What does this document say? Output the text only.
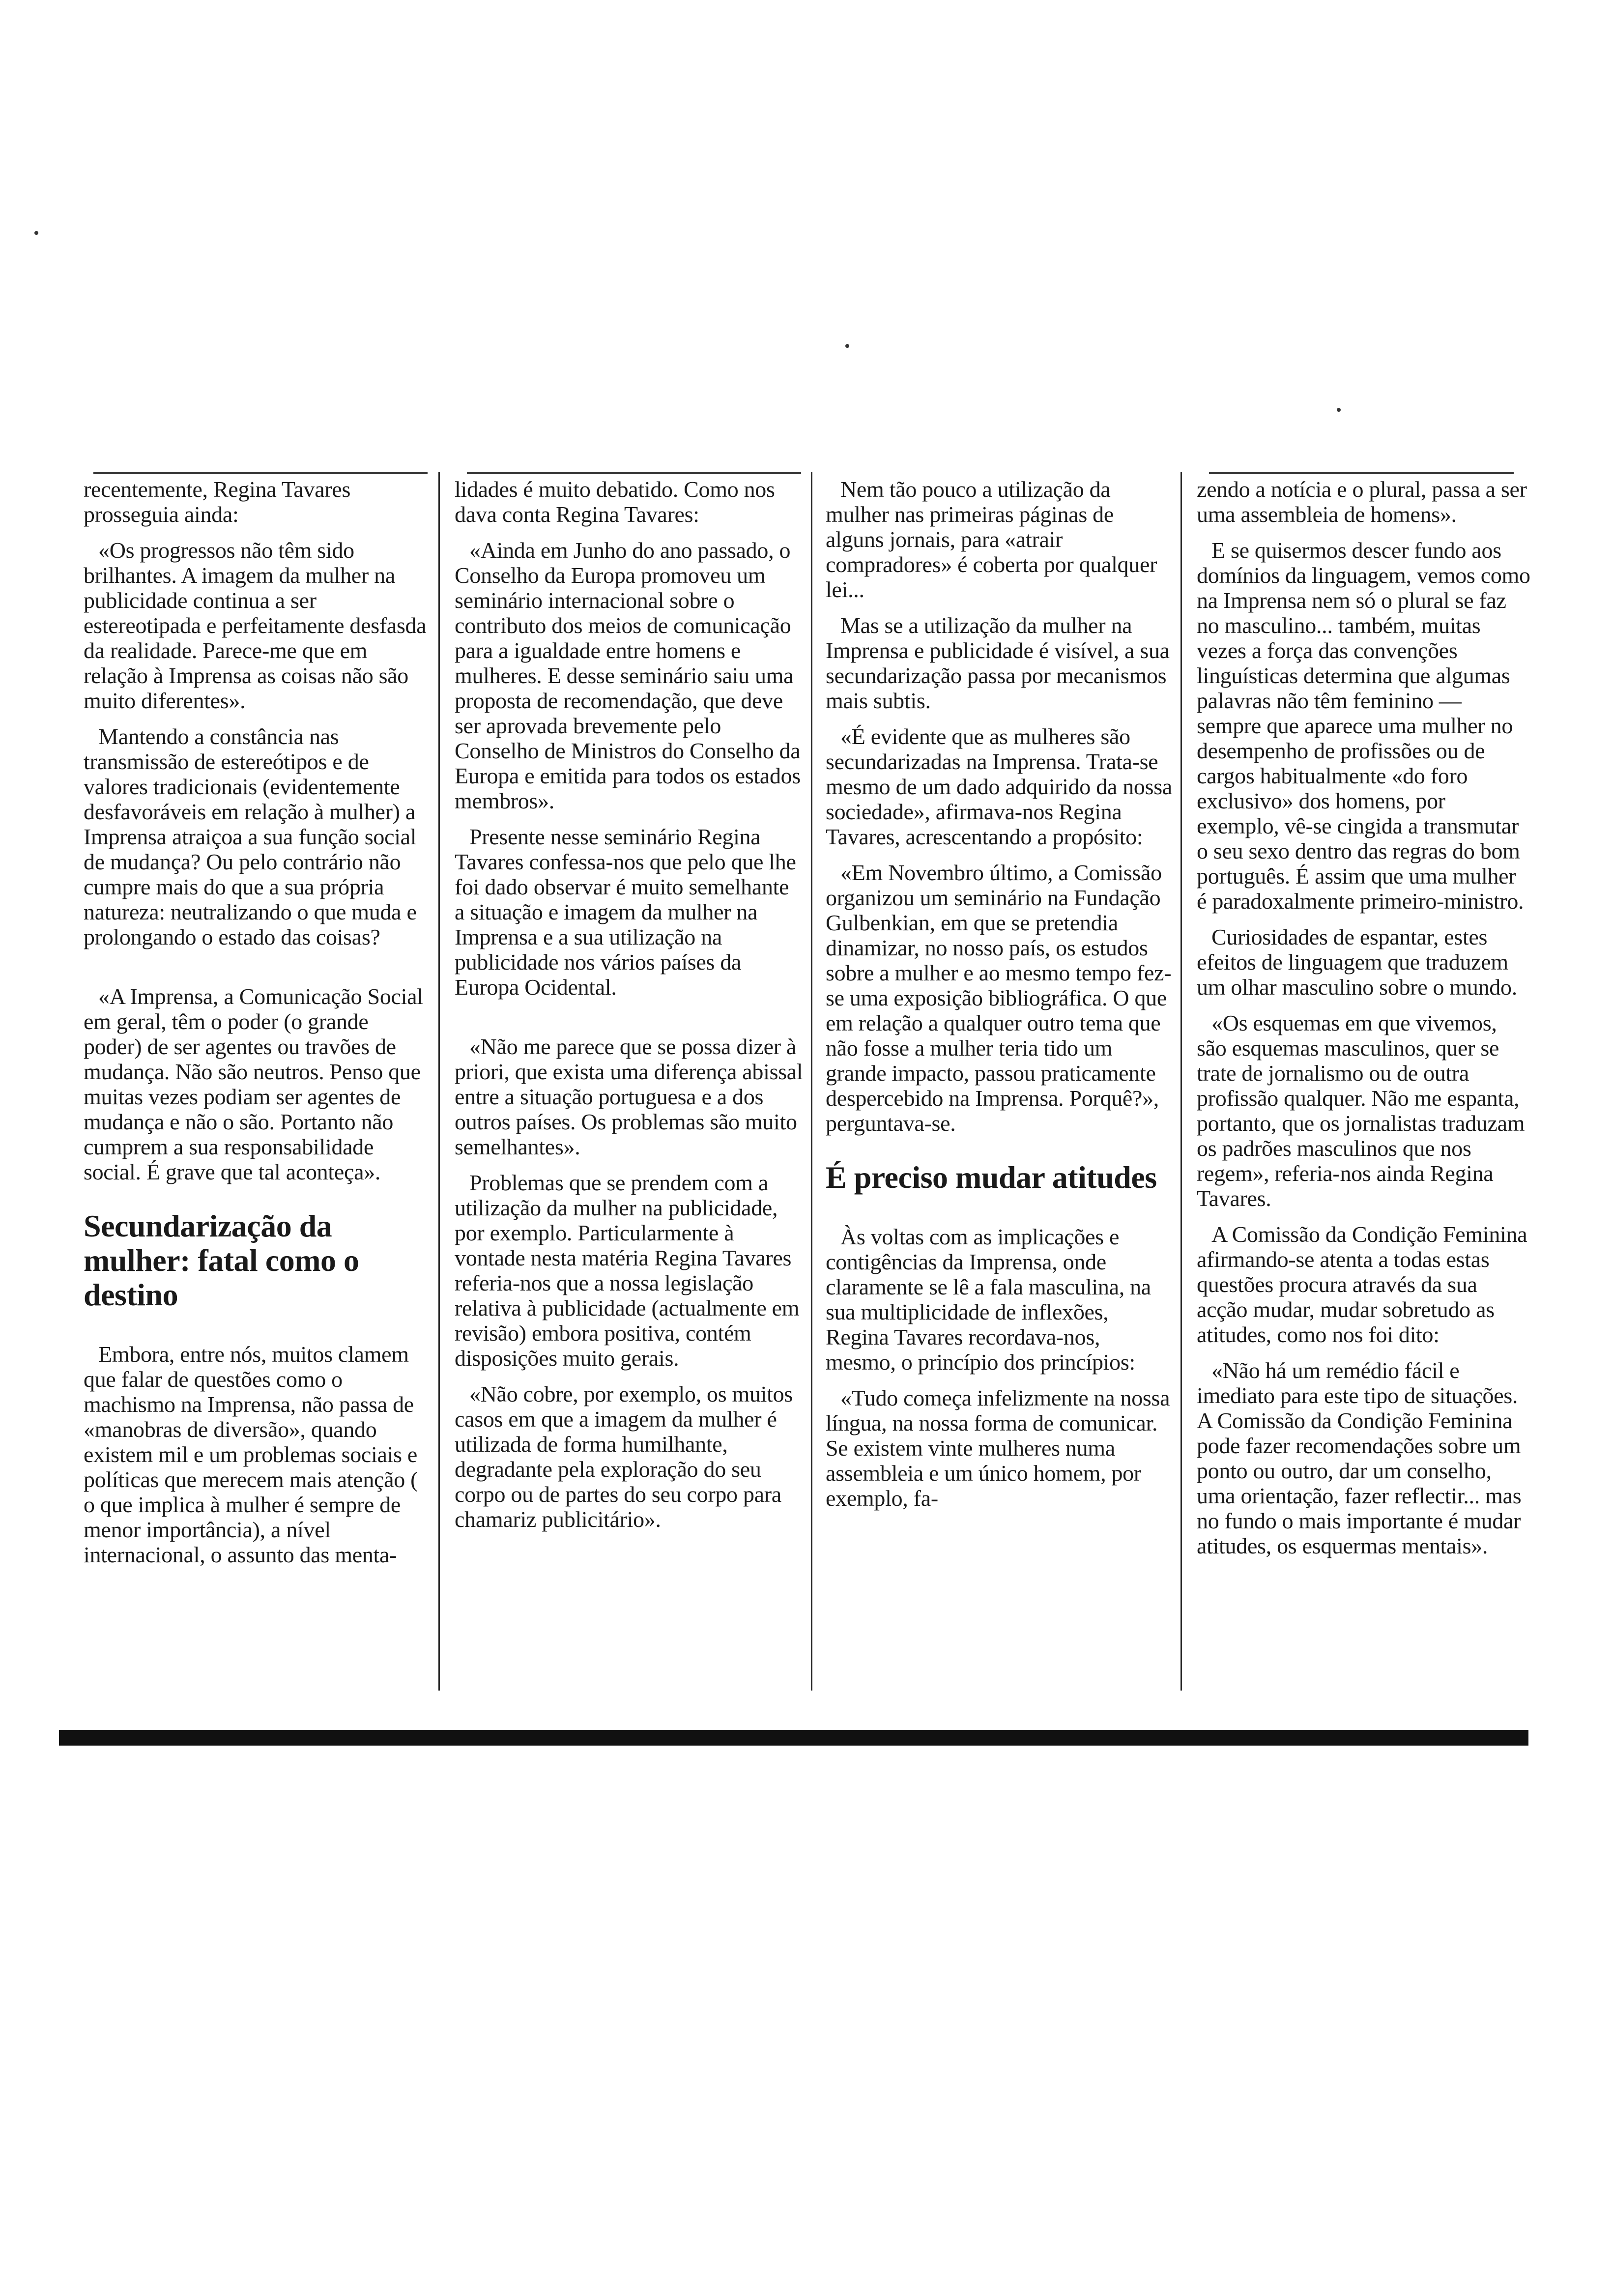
recentemente, Regina Tavares prosseguia ainda:

«Os progressos não têm sido brilhantes. A imagem da mulher na publicidade continua a ser estereotipada e perfeitamente desfasda da realidade. Parece-me que em relação à Imprensa as coisas não são muito diferentes».

Mantendo a constância nas transmissão de estereótipos e de valores tradicionais (evidentemente desfavoráveis em relação à mulher) a Imprensa atraiçoa a sua função social de mudança? Ou pelo contrário não cumpre mais do que a sua própria natureza: neutralizando o que muda e prolongando o estado das coisas?

«A Imprensa, a Comunicação Social em geral, têm o poder (o grande poder) de ser agentes ou travões de mudança. Não são neutros. Penso que muitas vezes podiam ser agentes de mudança e não o são. Portanto não cumprem a sua responsabilidade social. É grave que tal aconteça».

Secundarização da mulher: fatal como o destino

Embora, entre nós, muitos clamem que falar de questões como o machismo na Imprensa, não passa de «manobras de diversão», quando existem mil e um problemas sociais e políticas que merecem mais atenção ( o que implica à mulher é sempre de menor importância), a nível internacional, o assunto das menta-

lidades é muito debatido. Como nos dava conta Regina Tavares:

«Ainda em Junho do ano passado, o Conselho da Europa promoveu um seminário internacional sobre o contributo dos meios de comunicação para a igualdade entre homens e mulheres. E desse seminário saiu uma proposta de recomendação, que deve ser aprovada brevemente pelo Conselho de Ministros do Conselho da Europa e emitida para todos os estados membros».

Presente nesse seminário Regina Tavares confessa-nos que pelo que lhe foi dado observar é muito semelhante a situação e imagem da mulher na Imprensa e a sua utilização na publicidade nos vários países da Europa Ocidental.

«Não me parece que se possa dizer à priori, que exista uma diferença abissal entre a situação portuguesa e a dos outros países. Os problemas são muito semelhantes».

Problemas que se prendem com a utilização da mulher na publicidade, por exemplo. Particularmente à vontade nesta matéria Regina Tavares referia-nos que a nossa legislação relativa à publicidade (actualmente em revisão) embora positiva, contém disposições muito gerais.

«Não cobre, por exemplo, os muitos casos em que a imagem da mulher é utilizada de forma humilhante, degradante pela exploração do seu corpo ou de partes do seu corpo para chamariz publicitário».

Nem tão pouco a utilização da mulher nas primeiras páginas de alguns jornais, para «atrair compradores» é coberta por qualquer lei...

Mas se a utilização da mulher na Imprensa e publicidade é visível, a sua secundarização passa por mecanismos mais subtis.

«É evidente que as mulheres são secundarizadas na Imprensa. Trata-se mesmo de um dado adquirido da nossa sociedade», afirmava-nos Regina Tavares, acrescentando a propósito:

«Em Novembro último, a Comissão organizou um seminário na Fundação Gulbenkian, em que se pretendia dinamizar, no nosso país, os estudos sobre a mulher e ao mesmo tempo fez-se uma exposição bibliográfica. O que em relação a qualquer outro tema que não fosse a mulher teria tido um grande impacto, passou praticamente despercebido na Imprensa. Porquê?», perguntava-se.

É preciso mudar atitudes

Às voltas com as implicações e contigências da Imprensa, onde claramente se lê a fala masculina, na sua multiplicidade de inflexões, Regina Tavares recordava-nos, mesmo, o princípio dos princípios:

«Tudo começa infelizmente na nossa língua, na nossa forma de comunicar. Se existem vinte mulheres numa assembleia e um único homem, por exemplo, fa-

zendo a notícia e o plural, passa a ser uma assembleia de homens».

E se quisermos descer fundo aos domínios da linguagem, vemos como na Imprensa nem só o plural se faz no masculino... também, muitas vezes a força das convenções linguísticas determina que algumas palavras não têm feminino — sempre que aparece uma mulher no desempenho de profissões ou de cargos habitualmente «do foro exclusivo» dos homens, por exemplo, vê-se cingida a transmutar o seu sexo dentro das regras do bom português. É assim que uma mulher é paradoxalmente primeiro-ministro.

Curiosidades de espantar, estes efeitos de linguagem que traduzem um olhar masculino sobre o mundo.

«Os esquemas em que vivemos, são esquemas masculinos, quer se trate de jornalismo ou de outra profissão qualquer. Não me espanta, portanto, que os jornalistas traduzam os padrões masculinos que nos regem», referia-nos ainda Regina Tavares.

A Comissão da Condição Feminina afirmando-se atenta a todas estas questões procura através da sua acção mudar, mudar sobretudo as atitudes, como nos foi dito:

«Não há um remédio fácil e imediato para este tipo de situações. A Comissão da Condição Feminina pode fazer recomendações sobre um ponto ou outro, dar um conselho, uma orientação, fazer reflectir... mas no fundo o mais importante é mudar atitudes, os esquermas mentais».
